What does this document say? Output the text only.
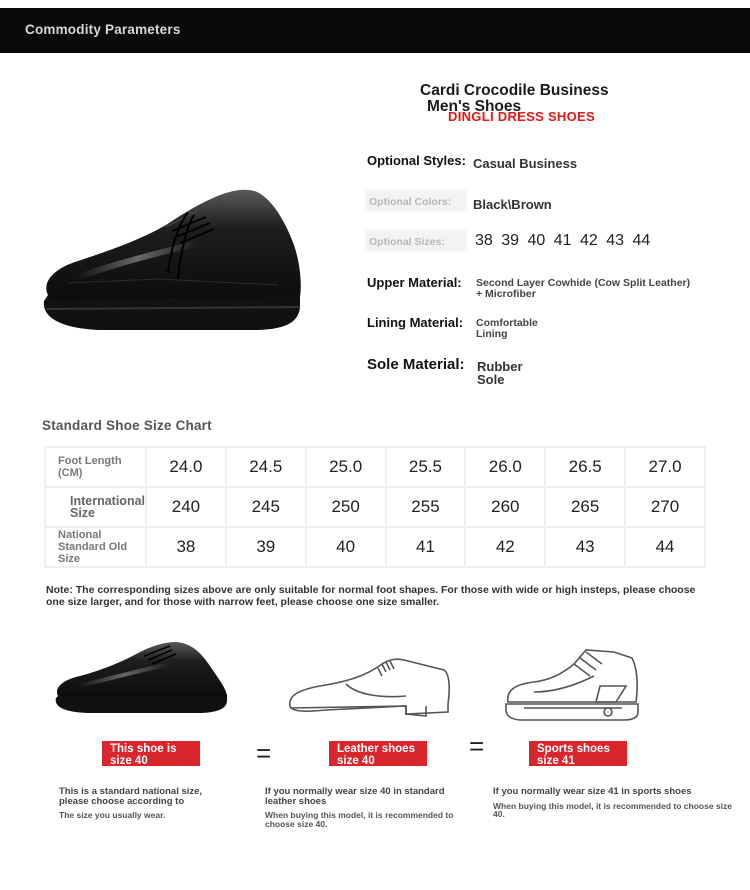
Commodity Parameters
Cardi Crocodile Business
Men's Shoes
DINGLI DRESS SHOES
Optional Styles: Casual Business
Optional Colors: Black\Brown
Optional Sizes: 38 39 40 41 42 43 44
Upper Material: Second Layer Cowhide (Cow Split Leather) + Microfiber
Lining Material: Comfortable Lining
Sole Material: Rubber Sole
Standard Shoe Size Chart
Foot Length (CM)	24.0	24.5	25.0	25.5	26.0	26.5	27.0
International Size	240	245	250	255	260	265	270
National Standard Old Size	38	39	40	41	42	43	44
Note: The corresponding sizes above are only suitable for normal foot shapes. For those with wide or high insteps, please choose one size larger, and for those with narrow feet, please choose one size smaller.
This shoe is size 40
Leather shoes size 40
Sports shoes size 41
=	=
This is a standard national size, please choose according to
The size you usually wear.
If you normally wear size 40 in standard leather shoes
When buying this model, it is recommended to choose size 40.
If you normally wear size 41 in sports shoes
When buying this model, it is recommended to choose size 40.
